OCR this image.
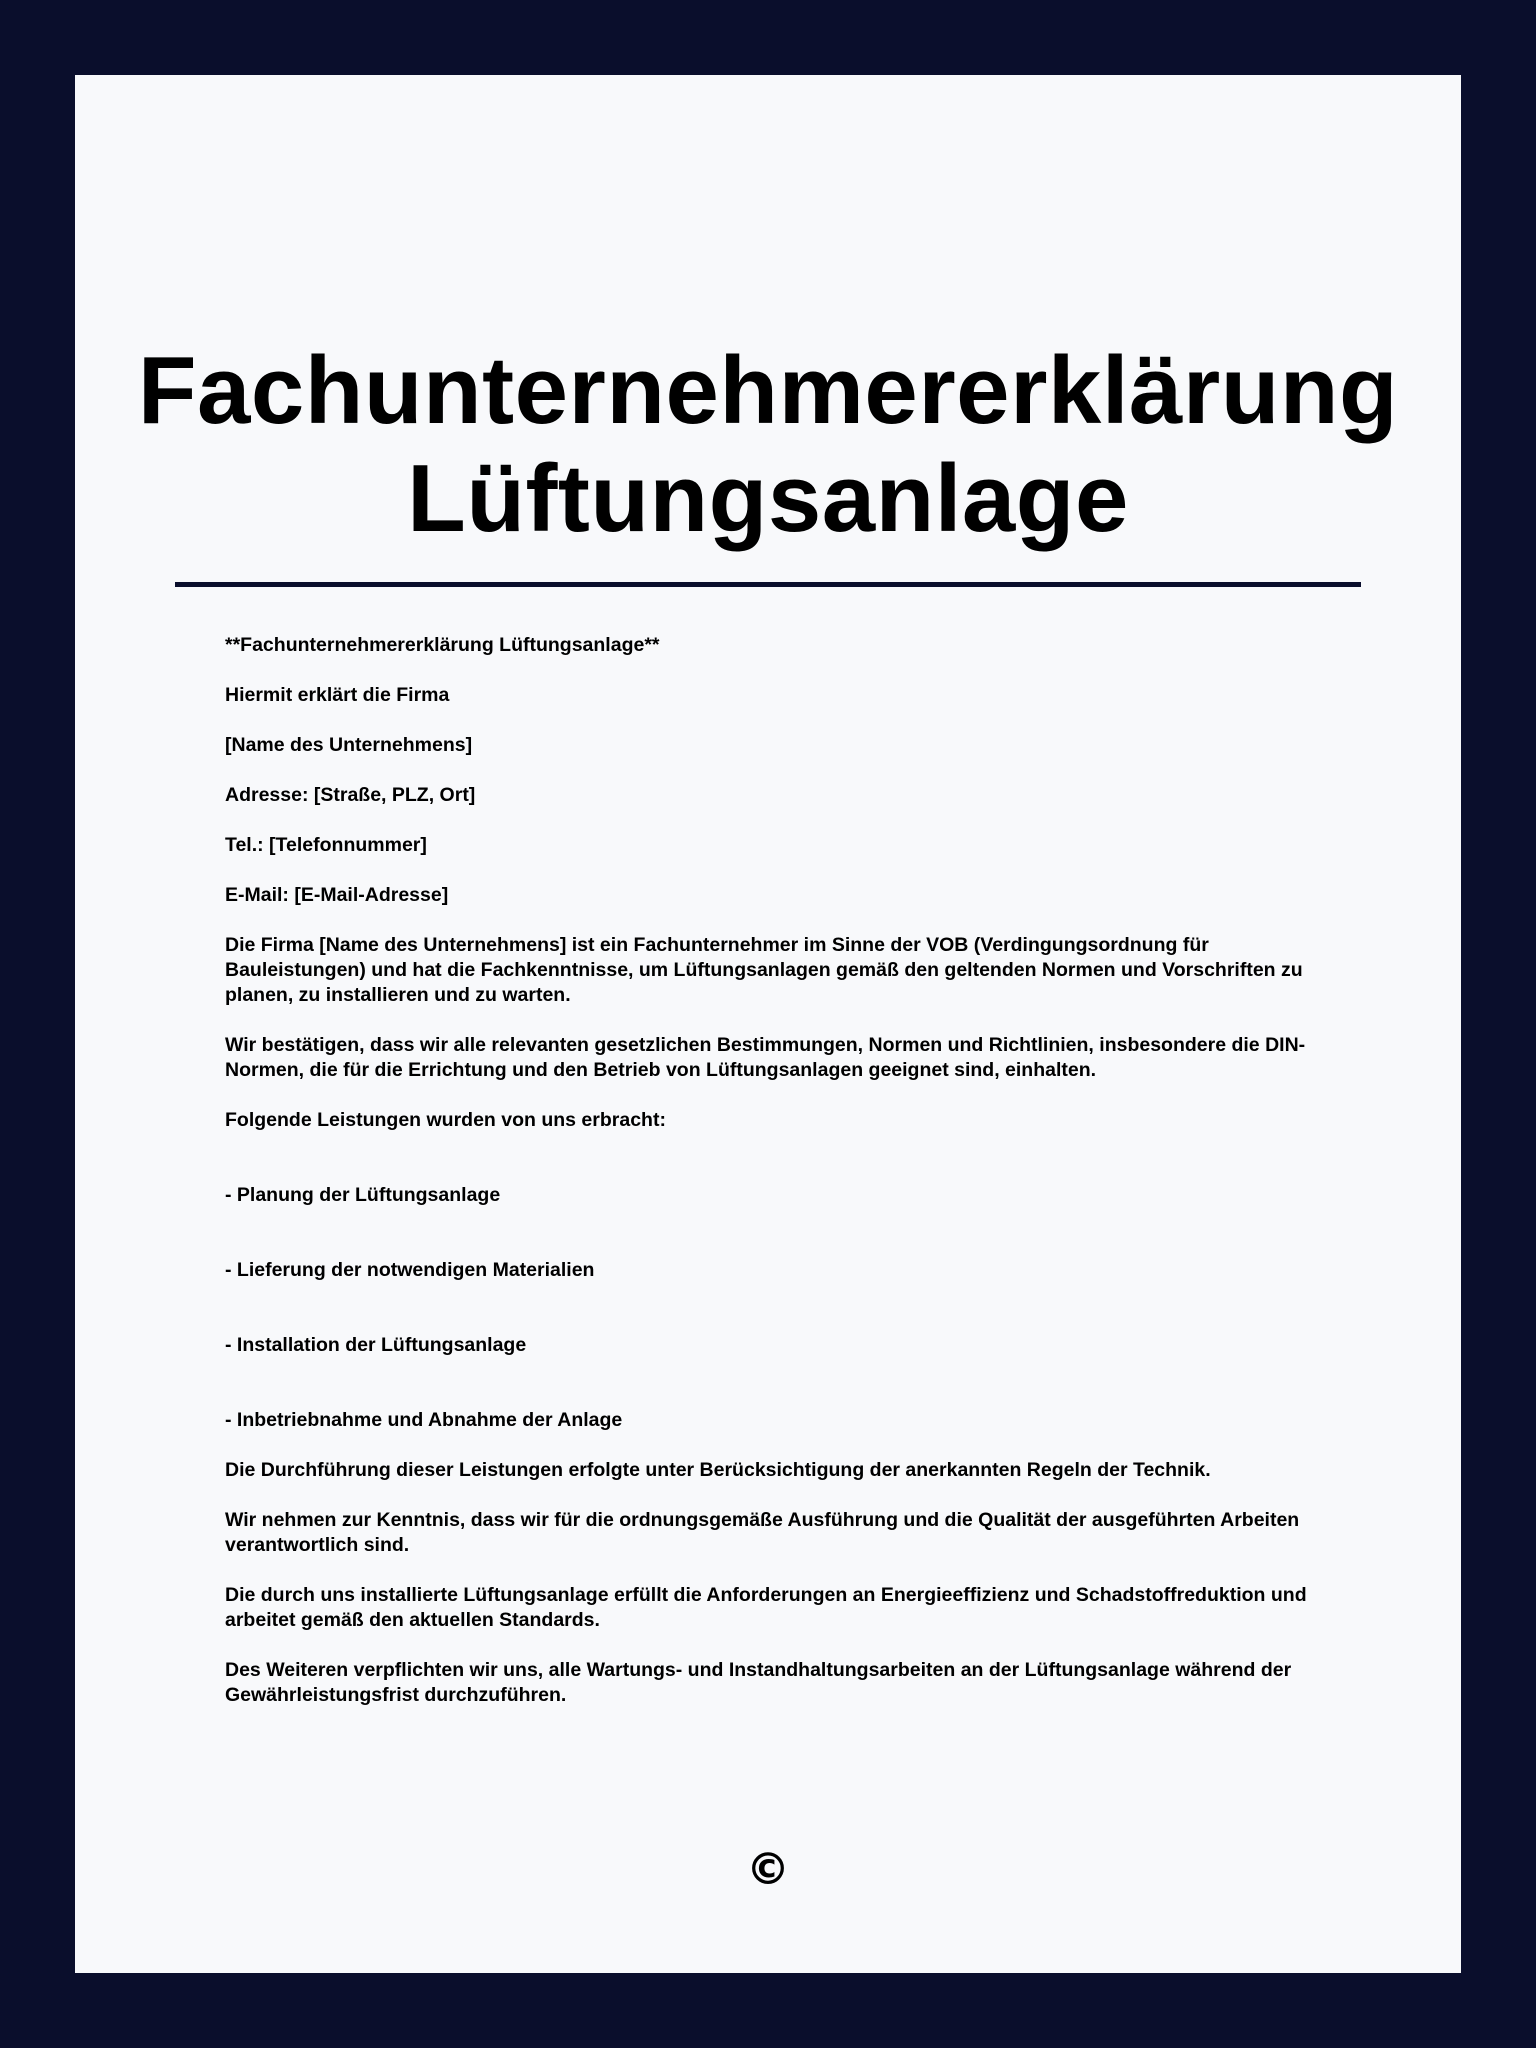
Fachunternehmererklärung
Lüftungsanlage

**Fachunternehmererklärung Lüftungsanlage**

Hiermit erklärt die Firma

[Name des Unternehmens]

Adresse: [Straße, PLZ, Ort]

Tel.: [Telefonnummer]

E-Mail: [E-Mail-Adresse]

Die Firma [Name des Unternehmens] ist ein Fachunternehmer im Sinne der VOB (Verdingungsordnung für Bauleistungen) und hat die Fachkenntnisse, um Lüftungsanlagen gemäß den geltenden Normen und Vorschriften zu planen, zu installieren und zu warten.

Wir bestätigen, dass wir alle relevanten gesetzlichen Bestimmungen, Normen und Richtlinien, insbesondere die DIN-Normen, die für die Errichtung und den Betrieb von Lüftungsanlagen geeignet sind, einhalten.

Folgende Leistungen wurden von uns erbracht:

- Planung der Lüftungsanlage

- Lieferung der notwendigen Materialien

- Installation der Lüftungsanlage

- Inbetriebnahme und Abnahme der Anlage

Die Durchführung dieser Leistungen erfolgte unter Berücksichtigung der anerkannten Regeln der Technik.

Wir nehmen zur Kenntnis, dass wir für die ordnungsgemäße Ausführung und die Qualität der ausgeführten Arbeiten verantwortlich sind.

Die durch uns installierte Lüftungsanlage erfüllt die Anforderungen an Energieeffizienz und Schadstoffreduktion und arbeitet gemäß den aktuellen Standards.

Des Weiteren verpflichten wir uns, alle Wartungs- und Instandhaltungsarbeiten an der Lüftungsanlage während der Gewährleistungsfrist durchzuführen.

©
